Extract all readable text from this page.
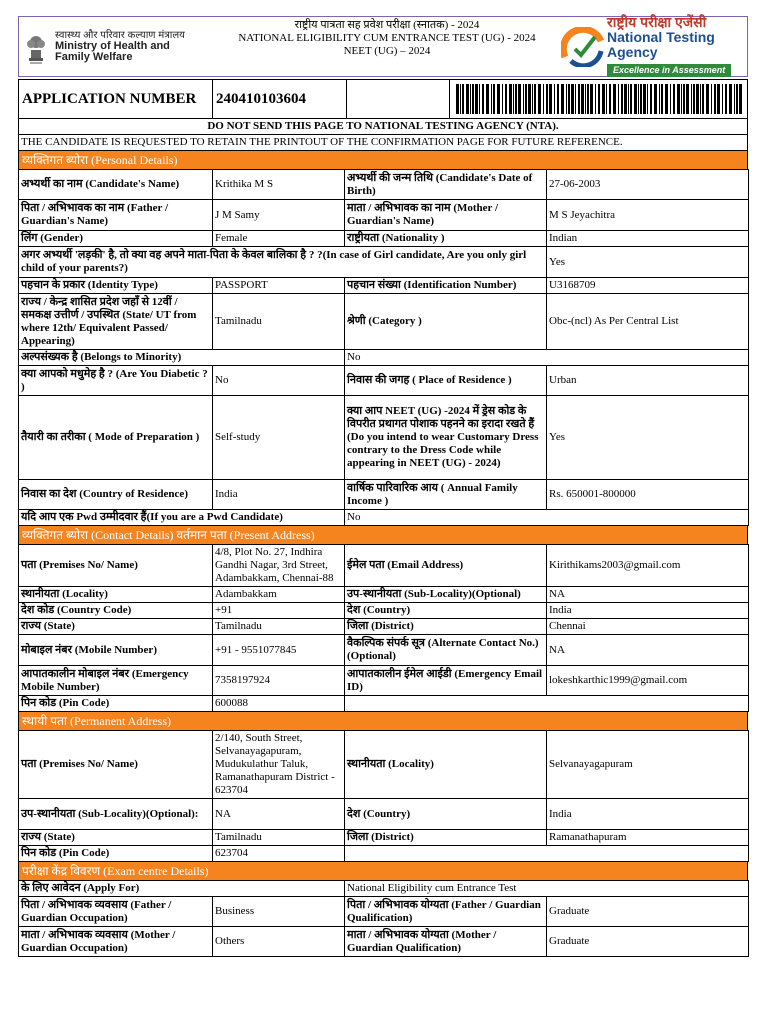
स्वास्थ्य और परिवार कल्याण मंत्रालय
Ministry of Health and
Family Welfare
राष्ट्रीय पात्रता सह प्रवेश परीक्षा (स्नातक) - 2024
NATIONAL ELIGIBILITY CUM ENTRANCE TEST (UG) - 2024
NEET (UG) – 2024
राष्ट्रीय परीक्षा एजेंसी
National Testing Agency
Excellence in Assessment
APPLICATION NUMBER	240410103604
DO NOT SEND THIS PAGE TO NATIONAL TESTING AGENCY (NTA).
THE CANDIDATE IS REQUESTED TO RETAIN THE PRINTOUT OF THE CONFIRMATION PAGE FOR FUTURE REFERENCE.
व्यक्तिगत ब्योरा (Personal Details)
अभ्यर्थी का नाम (Candidate's Name)	Krithika M S	अभ्यर्थी की जन्म तिथि (Candidate's Date of Birth)	27-06-2003
पिता / अभिभावक का नाम (Father / Guardian's Name)	J M Samy	माता / अभिभावक का नाम (Mother / Guardian's Name)	M S Jeyachitra
लिंग (Gender)	Female	राष्ट्रीयता (Nationality )	Indian
अगर अभ्यर्थी 'लड़की' है, तो क्या वह अपने माता-पिता के केवल बालिका है ? ?(In case of Girl candidate, Are you only girl child of your parents?)			Yes
पहचान के प्रकार (Identity Type)	PASSPORT	पहचान संख्या (Identification Number)	U3168709
राज्य / केन्द्र शासित प्रदेश जहाँ से 12वीं / समकक्ष उत्तीर्ण / उपस्थित (State/ UT from where 12th/ Equivalent Passed/ Appearing)	Tamilnadu	श्रेणी (Category )	Obc-(ncl) As Per Central List
अल्पसंख्यक है (Belongs to Minority)		No	
क्या आपको मधुमेह है ? (Are You Diabetic ? )	No	निवास की जगह ( Place of Residence )	Urban
तैयारी का तरीका ( Mode of Preparation )	Self-study	क्या आप NEET (UG) -2024 में ड्रेस कोड के विपरीत प्रथागत पोशाक पहनने का इरादा रखते हैं (Do you intend to wear Customary Dress contrary to the Dress Code while appearing in NEET (UG) - 2024)	Yes
निवास का देश (Country of Residence)	India	वार्षिक पारिवारिक आय ( Annual Family Income )	Rs. 650001-800000
यदि आप एक Pwd उम्मीदवार हैं(If you are a Pwd Candidate)		No	
व्यक्तिगत ब्योरा (Contact Details) वर्तमान पता (Present Address)
पता (Premises No/ Name)	4/8, Plot No. 27, Indhira Gandhi Nagar, 3rd Street, Adambakkam, Chennai-88	ईमेल पता (Email Address)	Kirithikams2003@gmail.com
स्थानीयता (Locality)	Adambakkam	उप-स्थानीयता (Sub-Locality)(Optional)	NA
देश कोड (Country Code)	+91	देश (Country)	India
राज्य (State)	Tamilnadu	जिला (District)	Chennai
मोबाइल नंबर (Mobile Number)	+91 - 9551077845	वैकल्पिक संपर्क सूत्र (Alternate Contact No.) (Optional)	NA
आपातकालीन मोबाइल नंबर (Emergency Mobile Number)	7358197924	आपातकालीन ईमेल आईडी (Emergency Email ID)	lokeshkarthic1999@gmail.com
पिन कोड (Pin Code)	600088		
स्थायी पता (Permanent Address)
पता (Premises No/ Name)	2/140, South Street, Selvanayagapuram, Mudukulathur Taluk, Ramanathapuram District - 623704	स्थानीयता (Locality)	Selvanayagapuram
उप-स्थानीयता (Sub-Locality)(Optional):	NA	देश (Country)	India
राज्य (State)	Tamilnadu	जिला (District)	Ramanathapuram
पिन कोड (Pin Code)	623704		
परीक्षा केंद्र विवरण (Exam centre Details)
के लिए आवेदन (Apply For)		National Eligibility cum Entrance Test	
पिता / अभिभावक व्यवसाय (Father / Guardian Occupation)	Business	पिता / अभिभावक योग्यता (Father / Guardian Qualification)	Graduate
माता / अभिभावक व्यवसाय (Mother / Guardian Occupation)	Others	माता / अभिभावक योग्यता (Mother / Guardian Qualification)	Graduate
